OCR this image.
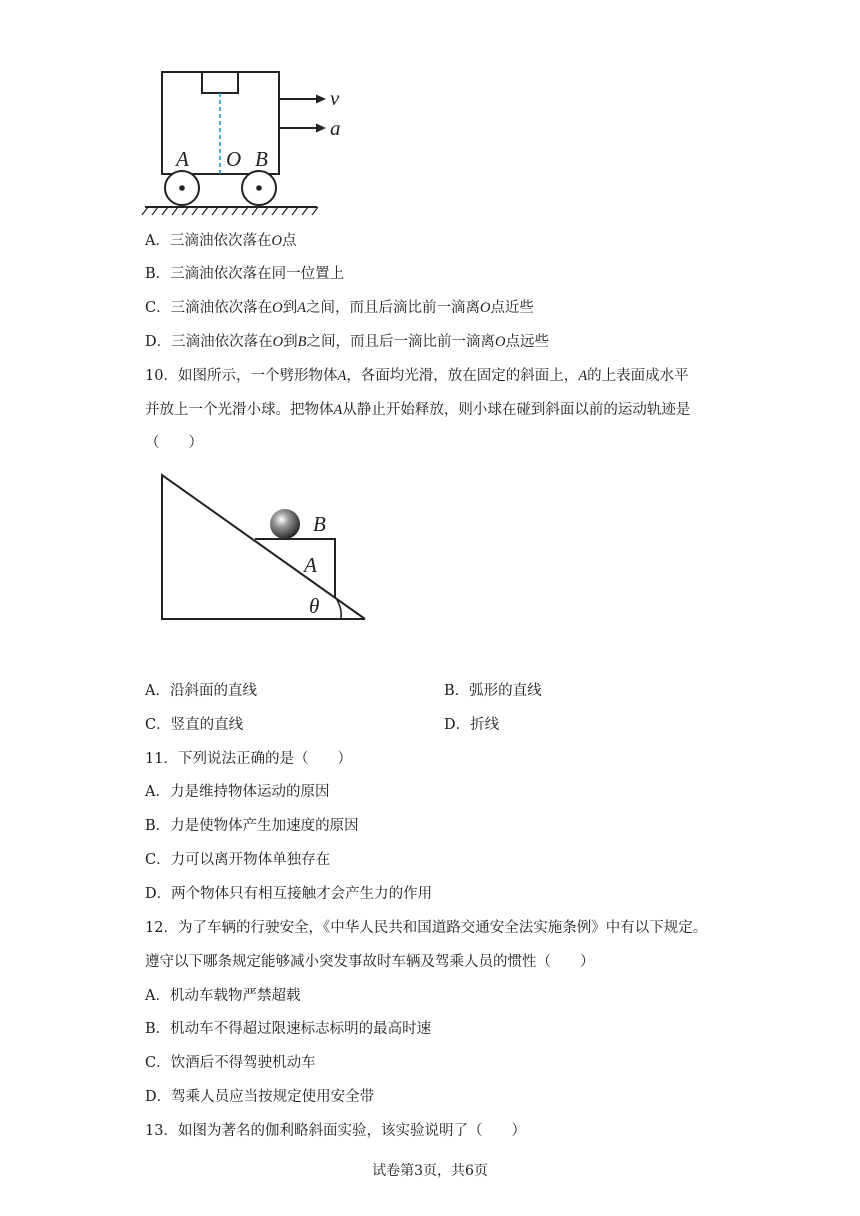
v
a
A O B
A．三滴油依次落在O点
B．三滴油依次落在同一位置上
C．三滴油依次落在O到A之间，而且后滴比前一滴离O点近些
D．三滴油依次落在O到B之间，而且后一滴比前一滴离O点远些
10．如图所示，一个劈形物体A，各面均光滑，放在固定的斜面上，A的上表面成水平
并放上一个光滑小球。把物体A从静止开始释放，则小球在碰到斜面以前的运动轨迹是
（　　）
B
A
θ
A．沿斜面的直线	B．弧形的直线
C．竖直的直线	D．折线
11．下列说法正确的是（　　）
A．力是维持物体运动的原因
B．力是使物体产生加速度的原因
C．力可以离开物体单独存在
D．两个物体只有相互接触才会产生力的作用
12．为了车辆的行驶安全，《中华人民共和国道路交通安全法实施条例》中有以下规定。
遵守以下哪条规定能够减小突发事故时车辆及驾乘人员的惯性（　　）
A．机动车载物严禁超载
B．机动车不得超过限速标志标明的最高时速
C．饮酒后不得驾驶机动车
D．驾乘人员应当按规定使用安全带
13．如图为著名的伽利略斜面实验，该实验说明了（　　）
试卷第3页，共6页
